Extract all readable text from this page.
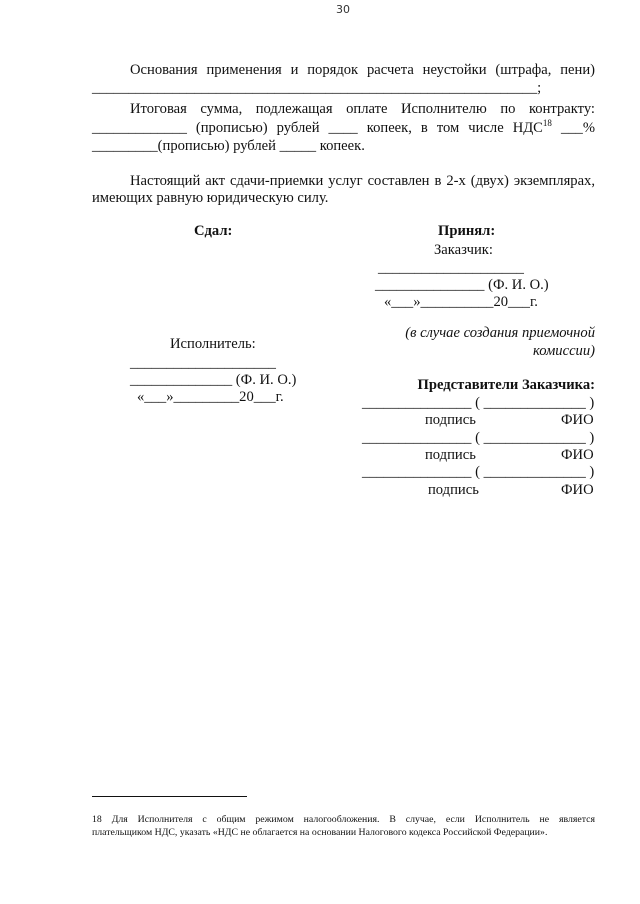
30
Основания применения и порядок расчета неустойки (штрафа, пени)
_____________________________________________________________;
Итоговая сумма, подлежащая оплате Исполнителю по контракту:
_____________ (прописью) рублей ____ копеек, в том числе НДС$^{18}$ ___%
_________(прописью) рублей _____ копеек.
Настоящий акт сдачи-приемки услуг составлен в 2-х (двух) экземплярах,
имеющих равную юридическую силу.
Сдал:
Исполнитель:
____________________
______________ (Ф. И. О.)
«___»_________20___г.
Принял:
Заказчик:
____________________
_______________ (Ф. И. О.)
«___»__________20___г.
(в случае создания приемочной
комиссии)
Представители Заказчика:
_______________ ( ______________ )
подпись	ФИО
_______________ ( ______________ )
подпись	ФИО
_______________ ( ______________ )
подпись	ФИО
18 Для Исполнителя с общим режимом налогообложения. В случае, если Исполнитель не является
плательщиком НДС, указать «НДС не облагается на основании Налогового кодекса Российской Федерации».
